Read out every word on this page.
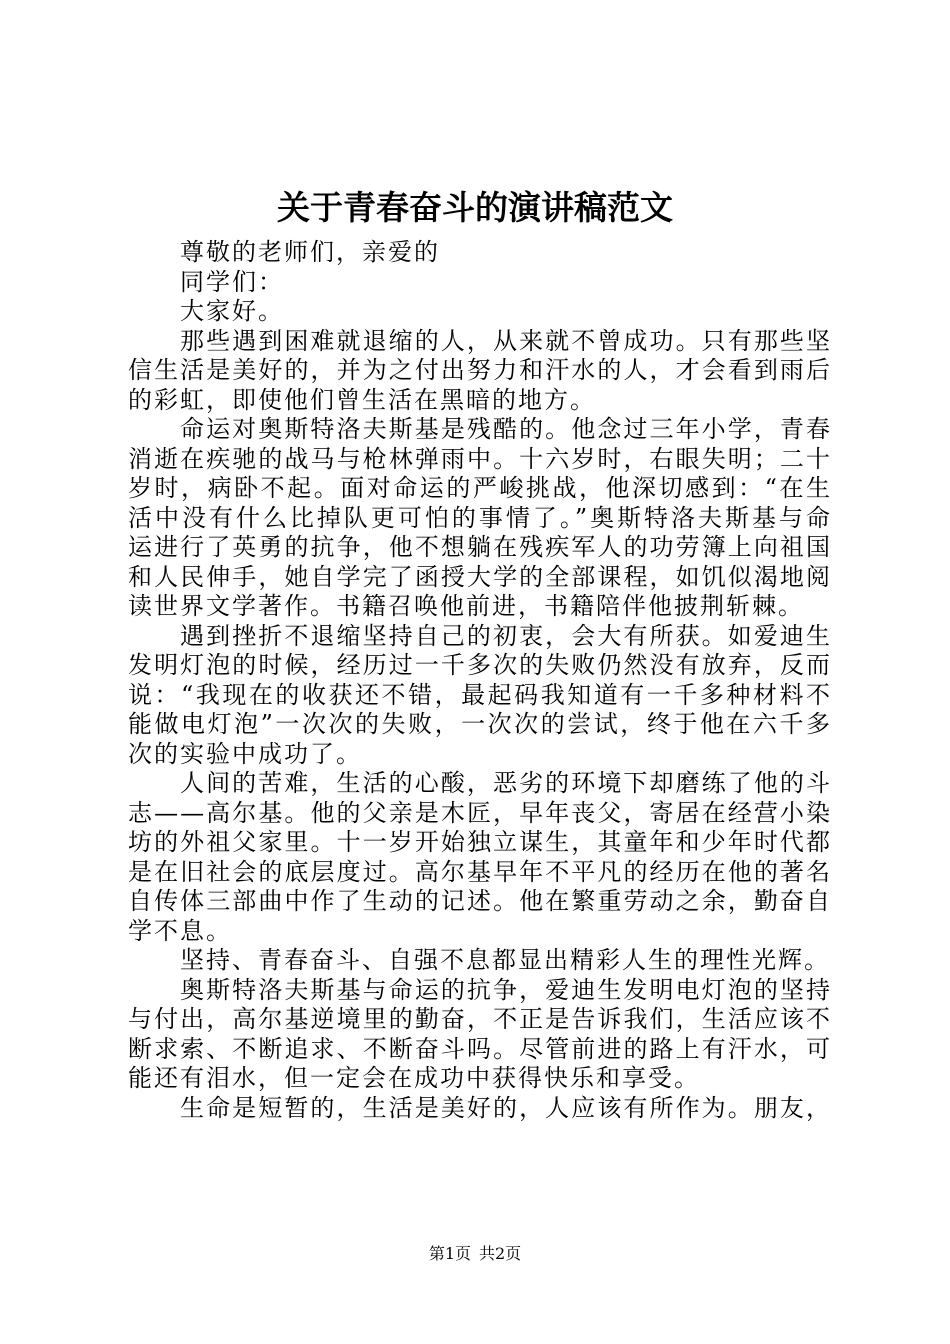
关于青春奋斗的演讲稿范文
尊敬的老师们，亲爱的
同学们：
大家好。
那些遇到困难就退缩的人，从来就不曾成功。只有那些坚
信生活是美好的，并为之付出努力和汗水的人，才会看到雨后
的彩虹，即使他们曾生活在黑暗的地方。
命运对奥斯特洛夫斯基是残酷的。他念过三年小学，青春
消逝在疾驰的战马与枪林弹雨中。十六岁时，右眼失明；二十
岁时，病卧不起。面对命运的严峻挑战，他深切感到：“在生
活中没有什么比掉队更可怕的事情了。”奥斯特洛夫斯基与命
运进行了英勇的抗争，他不想躺在残疾军人的功劳簿上向祖国
和人民伸手，她自学完了函授大学的全部课程，如饥似渴地阅
读世界文学著作。书籍召唤他前进，书籍陪伴他披荆斩棘。
遇到挫折不退缩坚持自己的初衷，会大有所获。如爱迪生
发明灯泡的时候，经历过一千多次的失败仍然没有放弃，反而
说：“我现在的收获还不错，最起码我知道有一千多种材料不
能做电灯泡”一次次的失败，一次次的尝试，终于他在六千多
次的实验中成功了。
人间的苦难，生活的心酸，恶劣的环境下却磨练了他的斗
志——高尔基。他的父亲是木匠，早年丧父，寄居在经营小染
坊的外祖父家里。十一岁开始独立谋生，其童年和少年时代都
是在旧社会的底层度过。高尔基早年不平凡的经历在他的著名
自传体三部曲中作了生动的记述。他在繁重劳动之余，勤奋自
学不息。
坚持、青春奋斗、自强不息都显出精彩人生的理性光辉。
奥斯特洛夫斯基与命运的抗争，爱迪生发明电灯泡的坚持
与付出，高尔基逆境里的勤奋，不正是告诉我们，生活应该不
断求索、不断追求、不断奋斗吗。尽管前进的路上有汗水，可
能还有泪水，但一定会在成功中获得快乐和享受。
生命是短暂的，生活是美好的，人应该有所作为。朋友，
第1页 共2页
